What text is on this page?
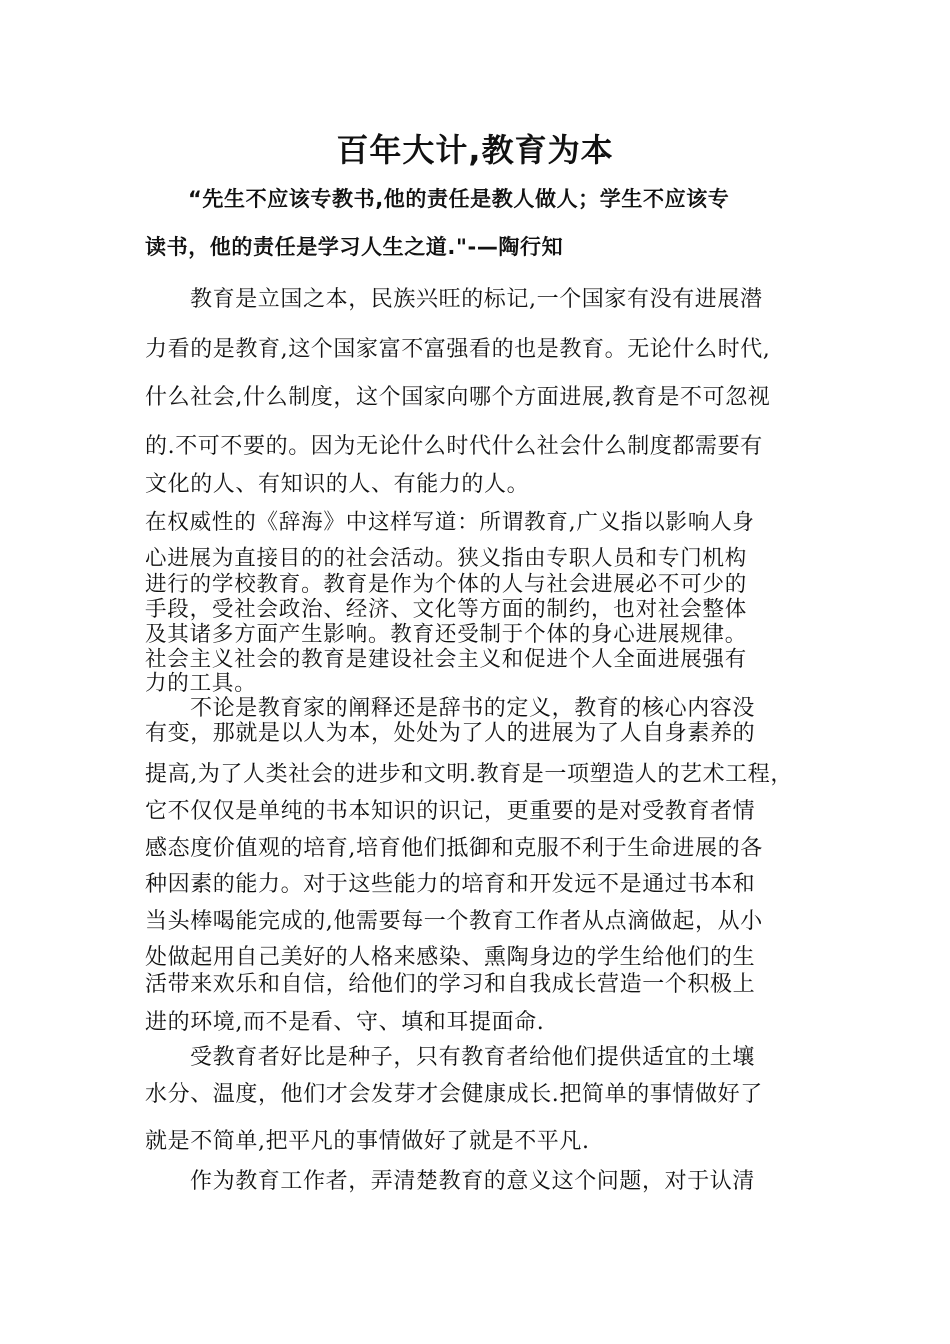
百年大计,教育为本
“先生不应该专教书,他的责任是教人做人；学生不应该专
读书，他的责任是学习人生之道."-—陶行知
教育是立国之本，民族兴旺的标记,一个国家有没有进展潜
力看的是教育,这个国家富不富强看的也是教育。无论什么时代,
什么社会,什么制度，这个国家向哪个方面进展,教育是不可忽视
的.不可不要的。因为无论什么时代什么社会什么制度都需要有
文化的人、有知识的人、有能力的人。
在权威性的《辞海》中这样写道：所谓教育,广义指以影响人身
心进展为直接目的的社会活动。狭义指由专职人员和专门机构
进行的学校教育。教育是作为个体的人与社会进展必不可少的
手段，受社会政治、经济、文化等方面的制约，也对社会整体
及其诸多方面产生影响。教育还受制于个体的身心进展规律。
社会主义社会的教育是建设社会主义和促进个人全面进展强有
力的工具。
不论是教育家的阐释还是辞书的定义，教育的核心内容没
有变，那就是以人为本，处处为了人的进展为了人自身素养的
提高,为了人类社会的进步和文明.教育是一项塑造人的艺术工程，
它不仅仅是单纯的书本知识的识记，更重要的是对受教育者情
感态度价值观的培育,培育他们抵御和克服不利于生命进展的各
种因素的能力。对于这些能力的培育和开发远不是通过书本和
当头棒喝能完成的,他需要每一个教育工作者从点滴做起，从小
处做起用自己美好的人格来感染、熏陶身边的学生给他们的生
活带来欢乐和自信，给他们的学习和自我成长营造一个积极上
进的环境,而不是看、守、填和耳提面命.
受教育者好比是种子，只有教育者给他们提供适宜的土壤
水分、温度，他们才会发芽才会健康成长.把简单的事情做好了
就是不简单,把平凡的事情做好了就是不平凡.
作为教育工作者，弄清楚教育的意义这个问题，对于认清
